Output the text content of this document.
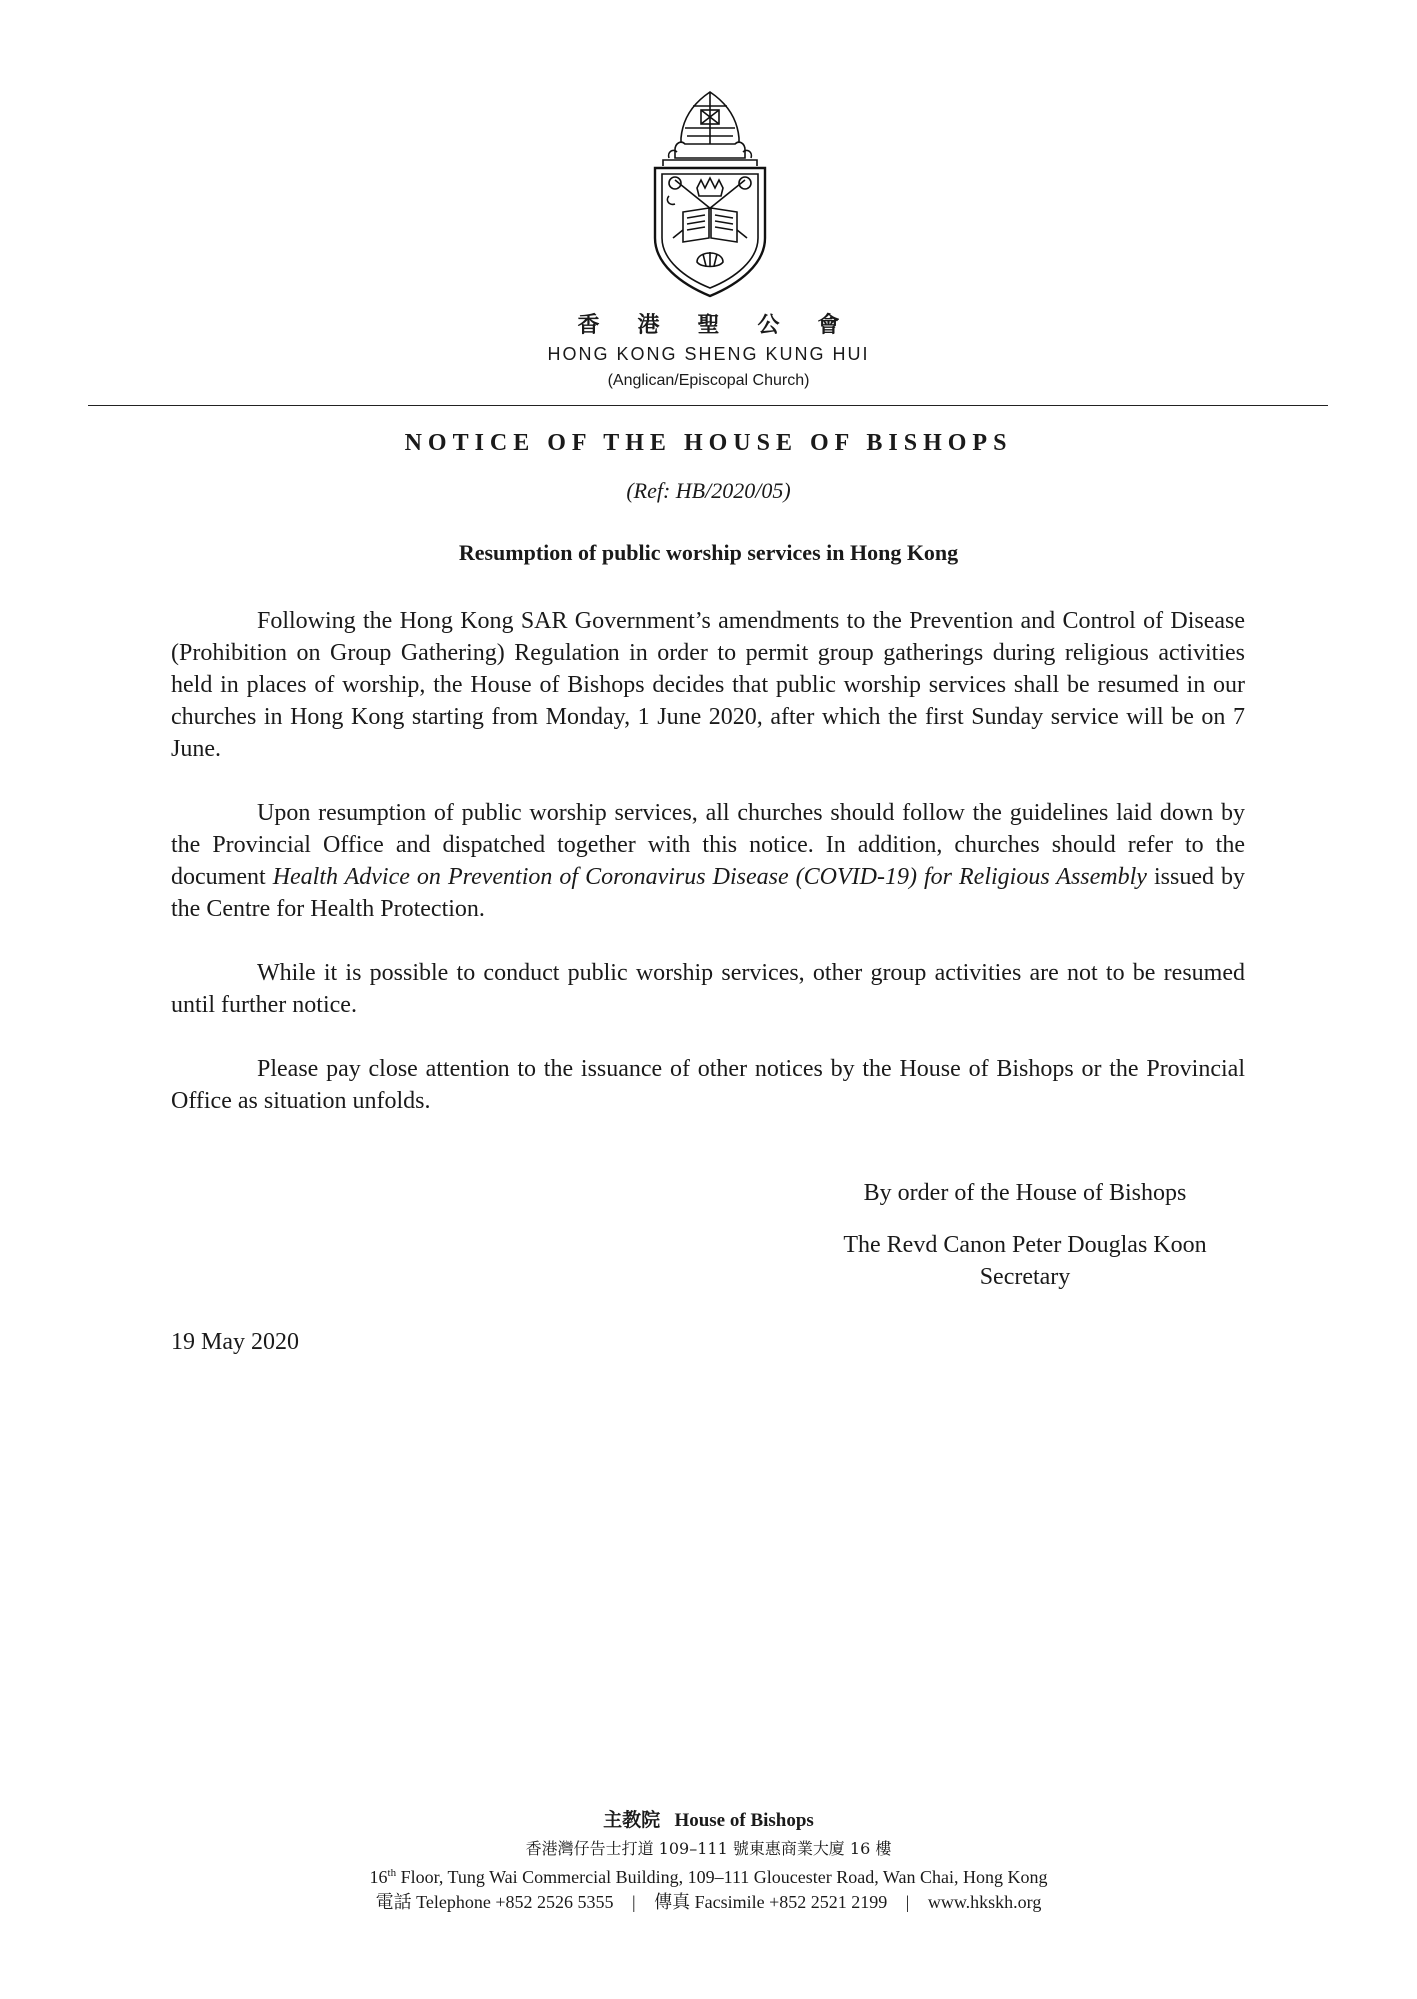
香港聖公會
HONG KONG SHENG KUNG HUI
(Anglican/Episcopal Church)
NOTICE OF THE HOUSE OF BISHOPS
(Ref: HB/2020/05)
Resumption of public worship services in Hong Kong

Following the Hong Kong SAR Government’s amendments to the Prevention and Control of Disease (Prohibition on Group Gathering) Regulation in order to permit group gatherings during religious activities held in places of worship, the House of Bishops decides that public worship services shall be resumed in our churches in Hong Kong starting from Monday, 1 June 2020, after which the first Sunday service will be on 7 June.

Upon resumption of public worship services, all churches should follow the guidelines laid down by the Provincial Office and dispatched together with this notice. In addition, churches should refer to the document Health Advice on Prevention of Coronavirus Disease (COVID-19) for Religious Assembly issued by the Centre for Health Protection.

While it is possible to conduct public worship services, other group activities are not to be resumed until further notice.

Please pay close attention to the issuance of other notices by the House of Bishops or the Provincial Office as situation unfolds.

By order of the House of Bishops
The Revd Canon Peter Douglas Koon
Secretary
19 May 2020
主教院 House of Bishops
香港灣仔告士打道 109–111 號東惠商業大廈 16 樓
16th Floor, Tung Wai Commercial Building, 109–111 Gloucester Road, Wan Chai, Hong Kong
電話 Telephone +852 2526 5355 | 傳真 Facsimile +852 2521 2199 | www.hkskh.org
